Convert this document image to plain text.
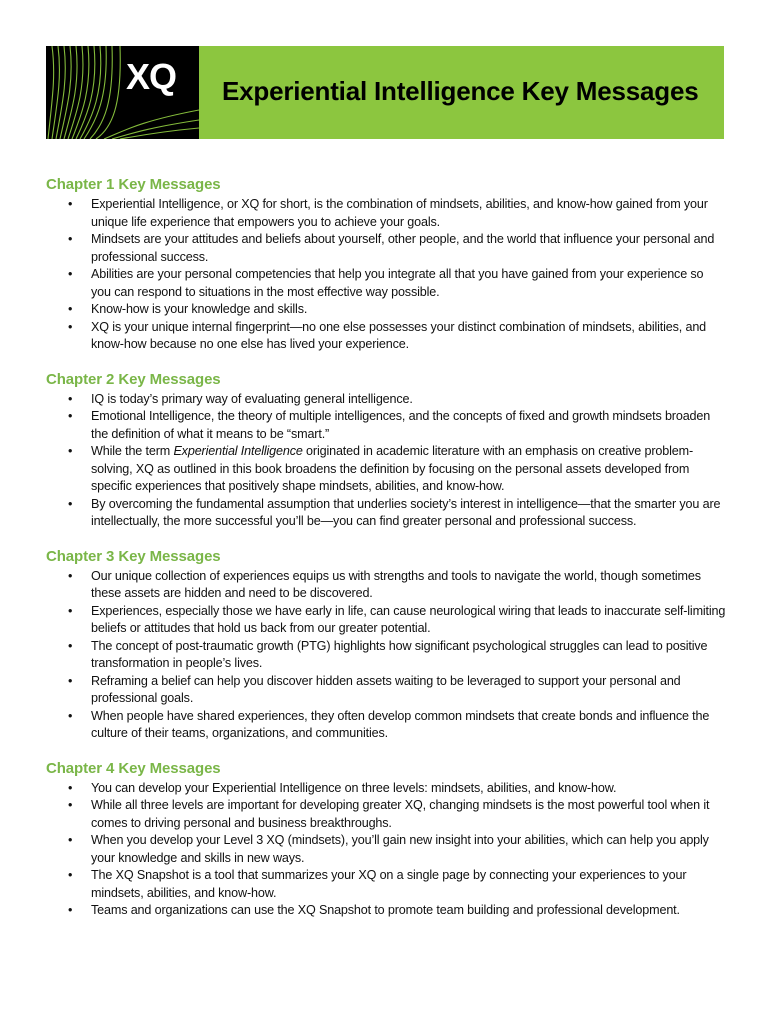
XQ Experiential Intelligence Key Messages
Chapter 1 Key Messages
• Experiential Intelligence, or XQ for short, is the combination of mindsets, abilities, and know-how gained from your unique life experience that empowers you to achieve your goals.
• Mindsets are your attitudes and beliefs about yourself, other people, and the world that influence your personal and professional success.
• Abilities are your personal competencies that help you integrate all that you have gained from your experience so you can respond to situations in the most effective way possible.
• Know-how is your knowledge and skills.
• XQ is your unique internal fingerprint—no one else possesses your distinct combination of mindsets, abilities, and know-how because no one else has lived your experience.
Chapter 2 Key Messages
• IQ is today’s primary way of evaluating general intelligence.
• Emotional Intelligence, the theory of multiple intelligences, and the concepts of fixed and growth mindsets broaden the definition of what it means to be “smart.”
• While the term Experiential Intelligence originated in academic literature with an emphasis on creative problem-solving, XQ as outlined in this book broadens the definition by focusing on the personal assets developed from specific experiences that positively shape mindsets, abilities, and know-how.
• By overcoming the fundamental assumption that underlies society’s interest in intelligence—that the smarter you are intellectually, the more successful you’ll be—you can find greater personal and professional success.
Chapter 3 Key Messages
• Our unique collection of experiences equips us with strengths and tools to navigate the world, though sometimes these assets are hidden and need to be discovered.
• Experiences, especially those we have early in life, can cause neurological wiring that leads to inaccurate self-limiting beliefs or attitudes that hold us back from our greater potential.
• The concept of post-traumatic growth (PTG) highlights how significant psychological struggles can lead to positive transformation in people’s lives.
• Reframing a belief can help you discover hidden assets waiting to be leveraged to support your personal and professional goals.
• When people have shared experiences, they often develop common mindsets that create bonds and influence the culture of their teams, organizations, and communities.
Chapter 4 Key Messages
• You can develop your Experiential Intelligence on three levels: mindsets, abilities, and know-how.
• While all three levels are important for developing greater XQ, changing mindsets is the most powerful tool when it comes to driving personal and business breakthroughs.
• When you develop your Level 3 XQ (mindsets), you’ll gain new insight into your abilities, which can help you apply your knowledge and skills in new ways.
• The XQ Snapshot is a tool that summarizes your XQ on a single page by connecting your experiences to your mindsets, abilities, and know-how.
• Teams and organizations can use the XQ Snapshot to promote team building and professional development.
